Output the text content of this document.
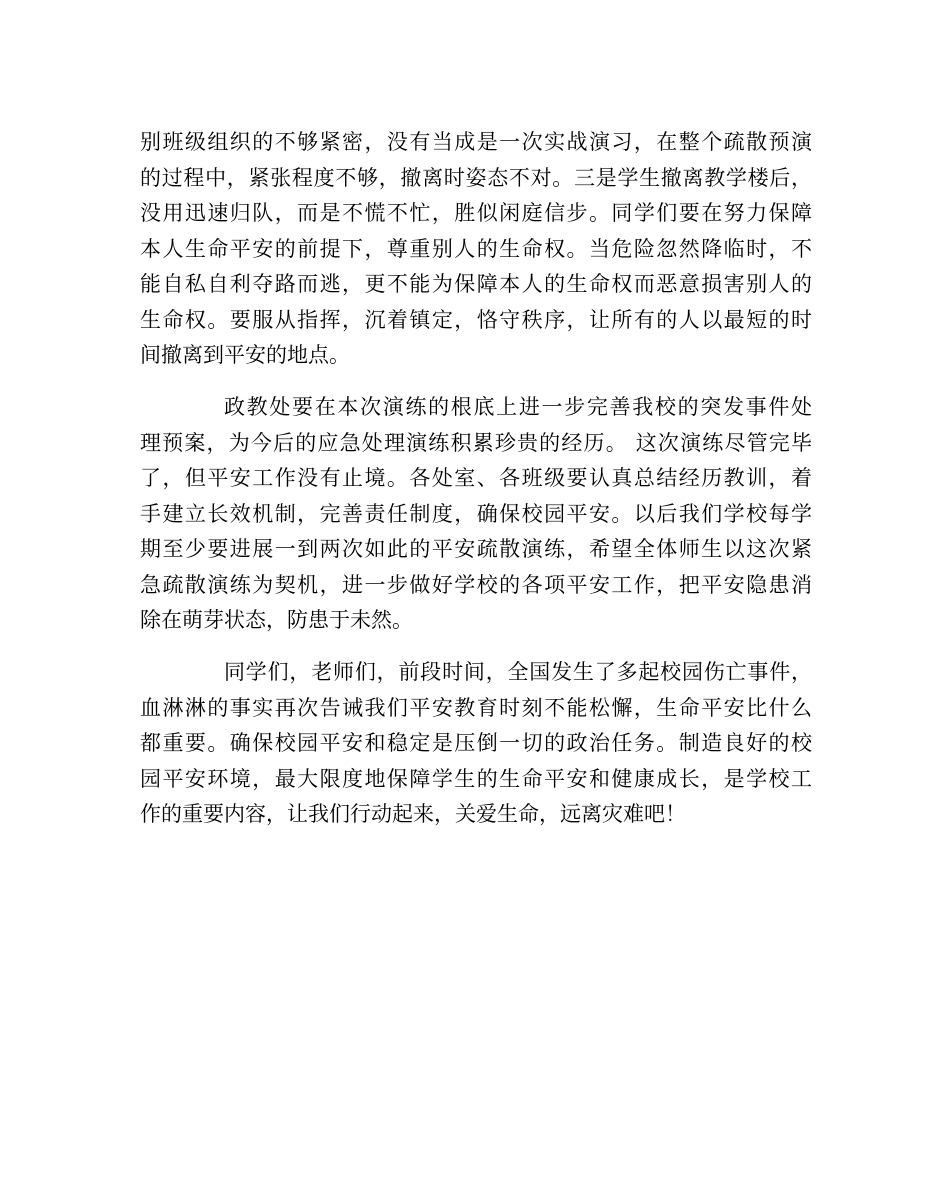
别班级组织的不够紧密，没有当成是一次实战演习，在整个疏散预演
的过程中，紧张程度不够，撤离时姿态不对。三是学生撤离教学楼后，
没用迅速归队，而是不慌不忙，胜似闲庭信步。同学们要在努力保障
本人生命平安的前提下，尊重别人的生命权。当危险忽然降临时，不
能自私自利夺路而逃，更不能为保障本人的生命权而恶意损害别人的
生命权。要服从指挥，沉着镇定，恪守秩序，让所有的人以最短的时
间撤离到平安的地点。
政教处要在本次演练的根底上进一步完善我校的突发事件处
理预案，为今后的应急处理演练积累珍贵的经历。 这次演练尽管完毕
了，但平安工作没有止境。各处室、各班级要认真总结经历教训，着
手建立长效机制，完善责任制度，确保校园平安。以后我们学校每学
期至少要进展一到两次如此的平安疏散演练，希望全体师生以这次紧
急疏散演练为契机，进一步做好学校的各项平安工作，把平安隐患消
除在萌芽状态，防患于未然。
同学们，老师们，前段时间，全国发生了多起校园伤亡事件，
血淋淋的事实再次告诫我们平安教育时刻不能松懈，生命平安比什么
都重要。确保校园平安和稳定是压倒一切的政治任务。制造良好的校
园平安环境，最大限度地保障学生的生命平安和健康成长，是学校工
作的重要内容，让我们行动起来，关爱生命，远离灾难吧！
